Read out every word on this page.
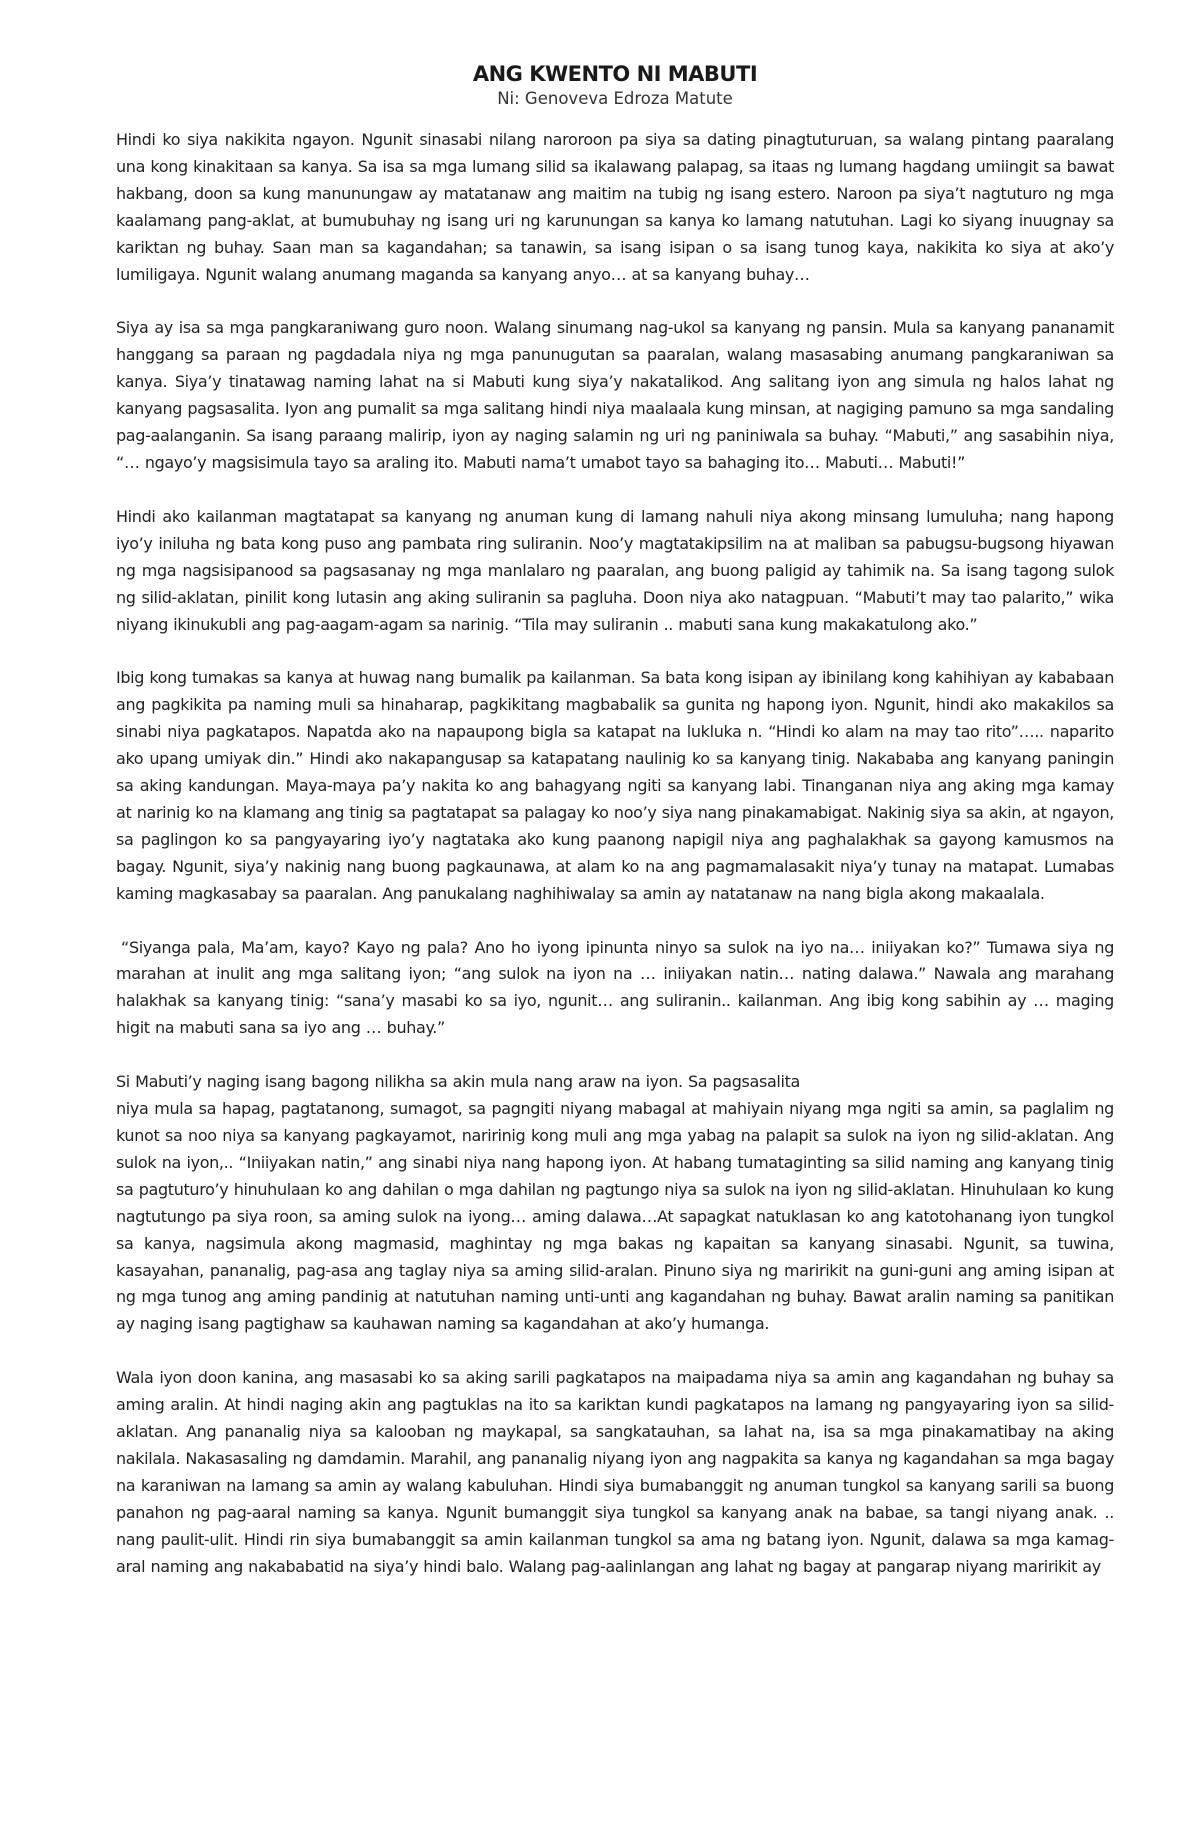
ANG KWENTO NI MABUTI

Ni: Genoveva Edroza Matute

Hindi ko siya nakikita ngayon. Ngunit sinasabi nilang naroroon pa siya sa dating pinagtuturuan, sa walang pintang paaralang una kong kinakitaan sa kanya. Sa isa sa mga lumang silid sa ikalawang palapag, sa itaas ng lumang hagdang umiingit sa bawat hakbang, doon sa kung manunungaw ay matatanaw ang maitim na tubig ng isang estero. Naroon pa siya’t nagtuturo ng mga kaalamang pang-aklat, at bumubuhay ng isang uri ng karunungan sa kanya ko lamang natutuhan. Lagi ko siyang inuugnay sa kariktan ng buhay. Saan man sa kagandahan; sa tanawin, sa isang isipan o sa isang tunog kaya, nakikita ko siya at ako’y lumiligaya. Ngunit walang anumang maganda sa kanyang anyo… at sa kanyang buhay…

Siya ay isa sa mga pangkaraniwang guro noon. Walang sinumang nag-ukol sa kanyang ng pansin. Mula sa kanyang pananamit hanggang sa paraan ng pagdadala niya ng mga panunugutan sa paaralan, walang masasabing anumang pangkaraniwan sa kanya. Siya’y tinatawag naming lahat na si Mabuti kung siya’y nakatalikod. Ang salitang iyon ang simula ng halos lahat ng kanyang pagsasalita. Iyon ang pumalit sa mga salitang hindi niya maalaala kung minsan, at nagiging pamuno sa mga sandaling pag-aalanganin. Sa isang paraang malirip, iyon ay naging salamin ng uri ng paniniwala sa buhay. “Mabuti,” ang sasabihin niya, “… ngayo’y magsisimula tayo sa araling ito. Mabuti nama’t umabot tayo sa bahaging ito… Mabuti… Mabuti!”

Hindi ako kailanman magtatapat sa kanyang ng anuman kung di lamang nahuli niya akong minsang lumuluha; nang hapong iyo’y iniluha ng bata kong puso ang pambata ring suliranin. Noo’y magtatakipsilim na at maliban sa pabugsu-bugsong hiyawan ng mga nagsisipanood sa pagsasanay ng mga manlalaro ng paaralan, ang buong paligid ay tahimik na. Sa isang tagong sulok ng silid-aklatan, pinilit kong lutasin ang aking suliranin sa pagluha. Doon niya ako natagpuan. “Mabuti’t may tao palarito,” wika niyang ikinukubli ang pag-aagam-agam sa narinig. “Tila may suliranin .. mabuti sana kung makakatulong ako.”

Ibig kong tumakas sa kanya at huwag nang bumalik pa kailanman. Sa bata kong isipan ay ibinilang kong kahihiyan ay kababaan ang pagkikita pa naming muli sa hinaharap, pagkikitang magbabalik sa gunita ng hapong iyon. Ngunit, hindi ako makakilos sa sinabi niya pagkatapos. Napatda ako na napaupong bigla sa katapat na lukluka n. “Hindi ko alam na may tao rito”….. naparito ako upang umiyak din.” Hindi ako nakapangusap sa katapatang naulinig ko sa kanyang tinig. Nakababa ang kanyang paningin sa aking kandungan. Maya-maya pa’y nakita ko ang bahagyang ngiti sa kanyang labi. Tinanganan niya ang aking mga kamay at narinig ko na klamang ang tinig sa pagtatapat sa palagay ko noo’y siya nang pinakamabigat. Nakinig siya sa akin, at ngayon, sa paglingon ko sa pangyayaring iyo’y nagtataka ako kung paanong napigil niya ang paghalakhak sa gayong kamusmos na bagay. Ngunit, siya’y nakinig nang buong pagkaunawa, at alam ko na ang pagmamalasakit niya’y tunay na matapat. Lumabas kaming magkasabay sa paaralan. Ang panukalang naghihiwalay sa amin ay natatanaw na nang bigla akong makaalala.

“Siyanga pala, Ma’am, kayo? Kayo ng pala? Ano ho iyong ipinunta ninyo sa sulok na iyo na… iniiyakan ko?” Tumawa siya ng marahan at inulit ang mga salitang iyon; “ang sulok na iyon na … iniiyakan natin… nating dalawa.” Nawala ang marahang halakhak sa kanyang tinig: “sana’y masabi ko sa iyo, ngunit… ang suliranin.. kailanman. Ang ibig kong sabihin ay … maging higit na mabuti sana sa iyo ang … buhay.”

Si Mabuti’y naging isang bagong nilikha sa akin mula nang araw na iyon. Sa pagsasalita

niya mula sa hapag, pagtatanong, sumagot, sa pagngiti niyang mabagal at mahiyain niyang mga ngiti sa amin, sa paglalim ng kunot sa noo niya sa kanyang pagkayamot, naririnig kong muli ang mga yabag na palapit sa sulok na iyon ng silid-aklatan. Ang sulok na iyon,.. “Iniiyakan natin,” ang sinabi niya nang hapong iyon. At habang tumataginting sa silid naming ang kanyang tinig sa pagtuturo’y hinuhulaan ko ang dahilan o mga dahilan ng pagtungo niya sa sulok na iyon ng silid-aklatan. Hinuhulaan ko kung nagtutungo pa siya roon, sa aming sulok na iyong… aming dalawa…At sapagkat natuklasan ko ang katotohanang iyon tungkol sa kanya, nagsimula akong magmasid, maghintay ng mga bakas ng kapaitan sa kanyang sinasabi. Ngunit, sa tuwina, kasayahan, pananalig, pag-asa ang taglay niya sa aming silid-aralan. Pinuno siya ng maririkit na guni-guni ang aming isipan at ng mga tunog ang aming pandinig at natutuhan naming unti-unti ang kagandahan ng buhay. Bawat aralin naming sa panitikan ay naging isang pagtighaw sa kauhawan naming sa kagandahan at ako’y humanga.

Wala iyon doon kanina, ang masasabi ko sa aking sarili pagkatapos na maipadama niya sa amin ang kagandahan ng buhay sa aming aralin. At hindi naging akin ang pagtuklas na ito sa kariktan kundi pagkatapos na lamang ng pangyayaring iyon sa silid-aklatan. Ang pananalig niya sa kalooban ng maykapal, sa sangkatauhan, sa lahat na, isa sa mga pinakamatibay na aking nakilala. Nakasasaling ng damdamin. Marahil, ang pananalig niyang iyon ang nagpakita sa kanya ng kagandahan sa mga bagay na karaniwan na lamang sa amin ay walang kabuluhan. Hindi siya bumabanggit ng anuman tungkol sa kanyang sarili sa buong panahon ng pag-aaral naming sa kanya. Ngunit bumanggit siya tungkol sa kanyang anak na babae, sa tangi niyang anak. .. nang paulit-ulit. Hindi rin siya bumabanggit sa amin kailanman tungkol sa ama ng batang iyon. Ngunit, dalawa sa mga kamag-aral naming ang nakababatid na siya’y hindi balo. Walang pag-aalinlangan ang lahat ng bagay at pangarap niyang maririkit ay
